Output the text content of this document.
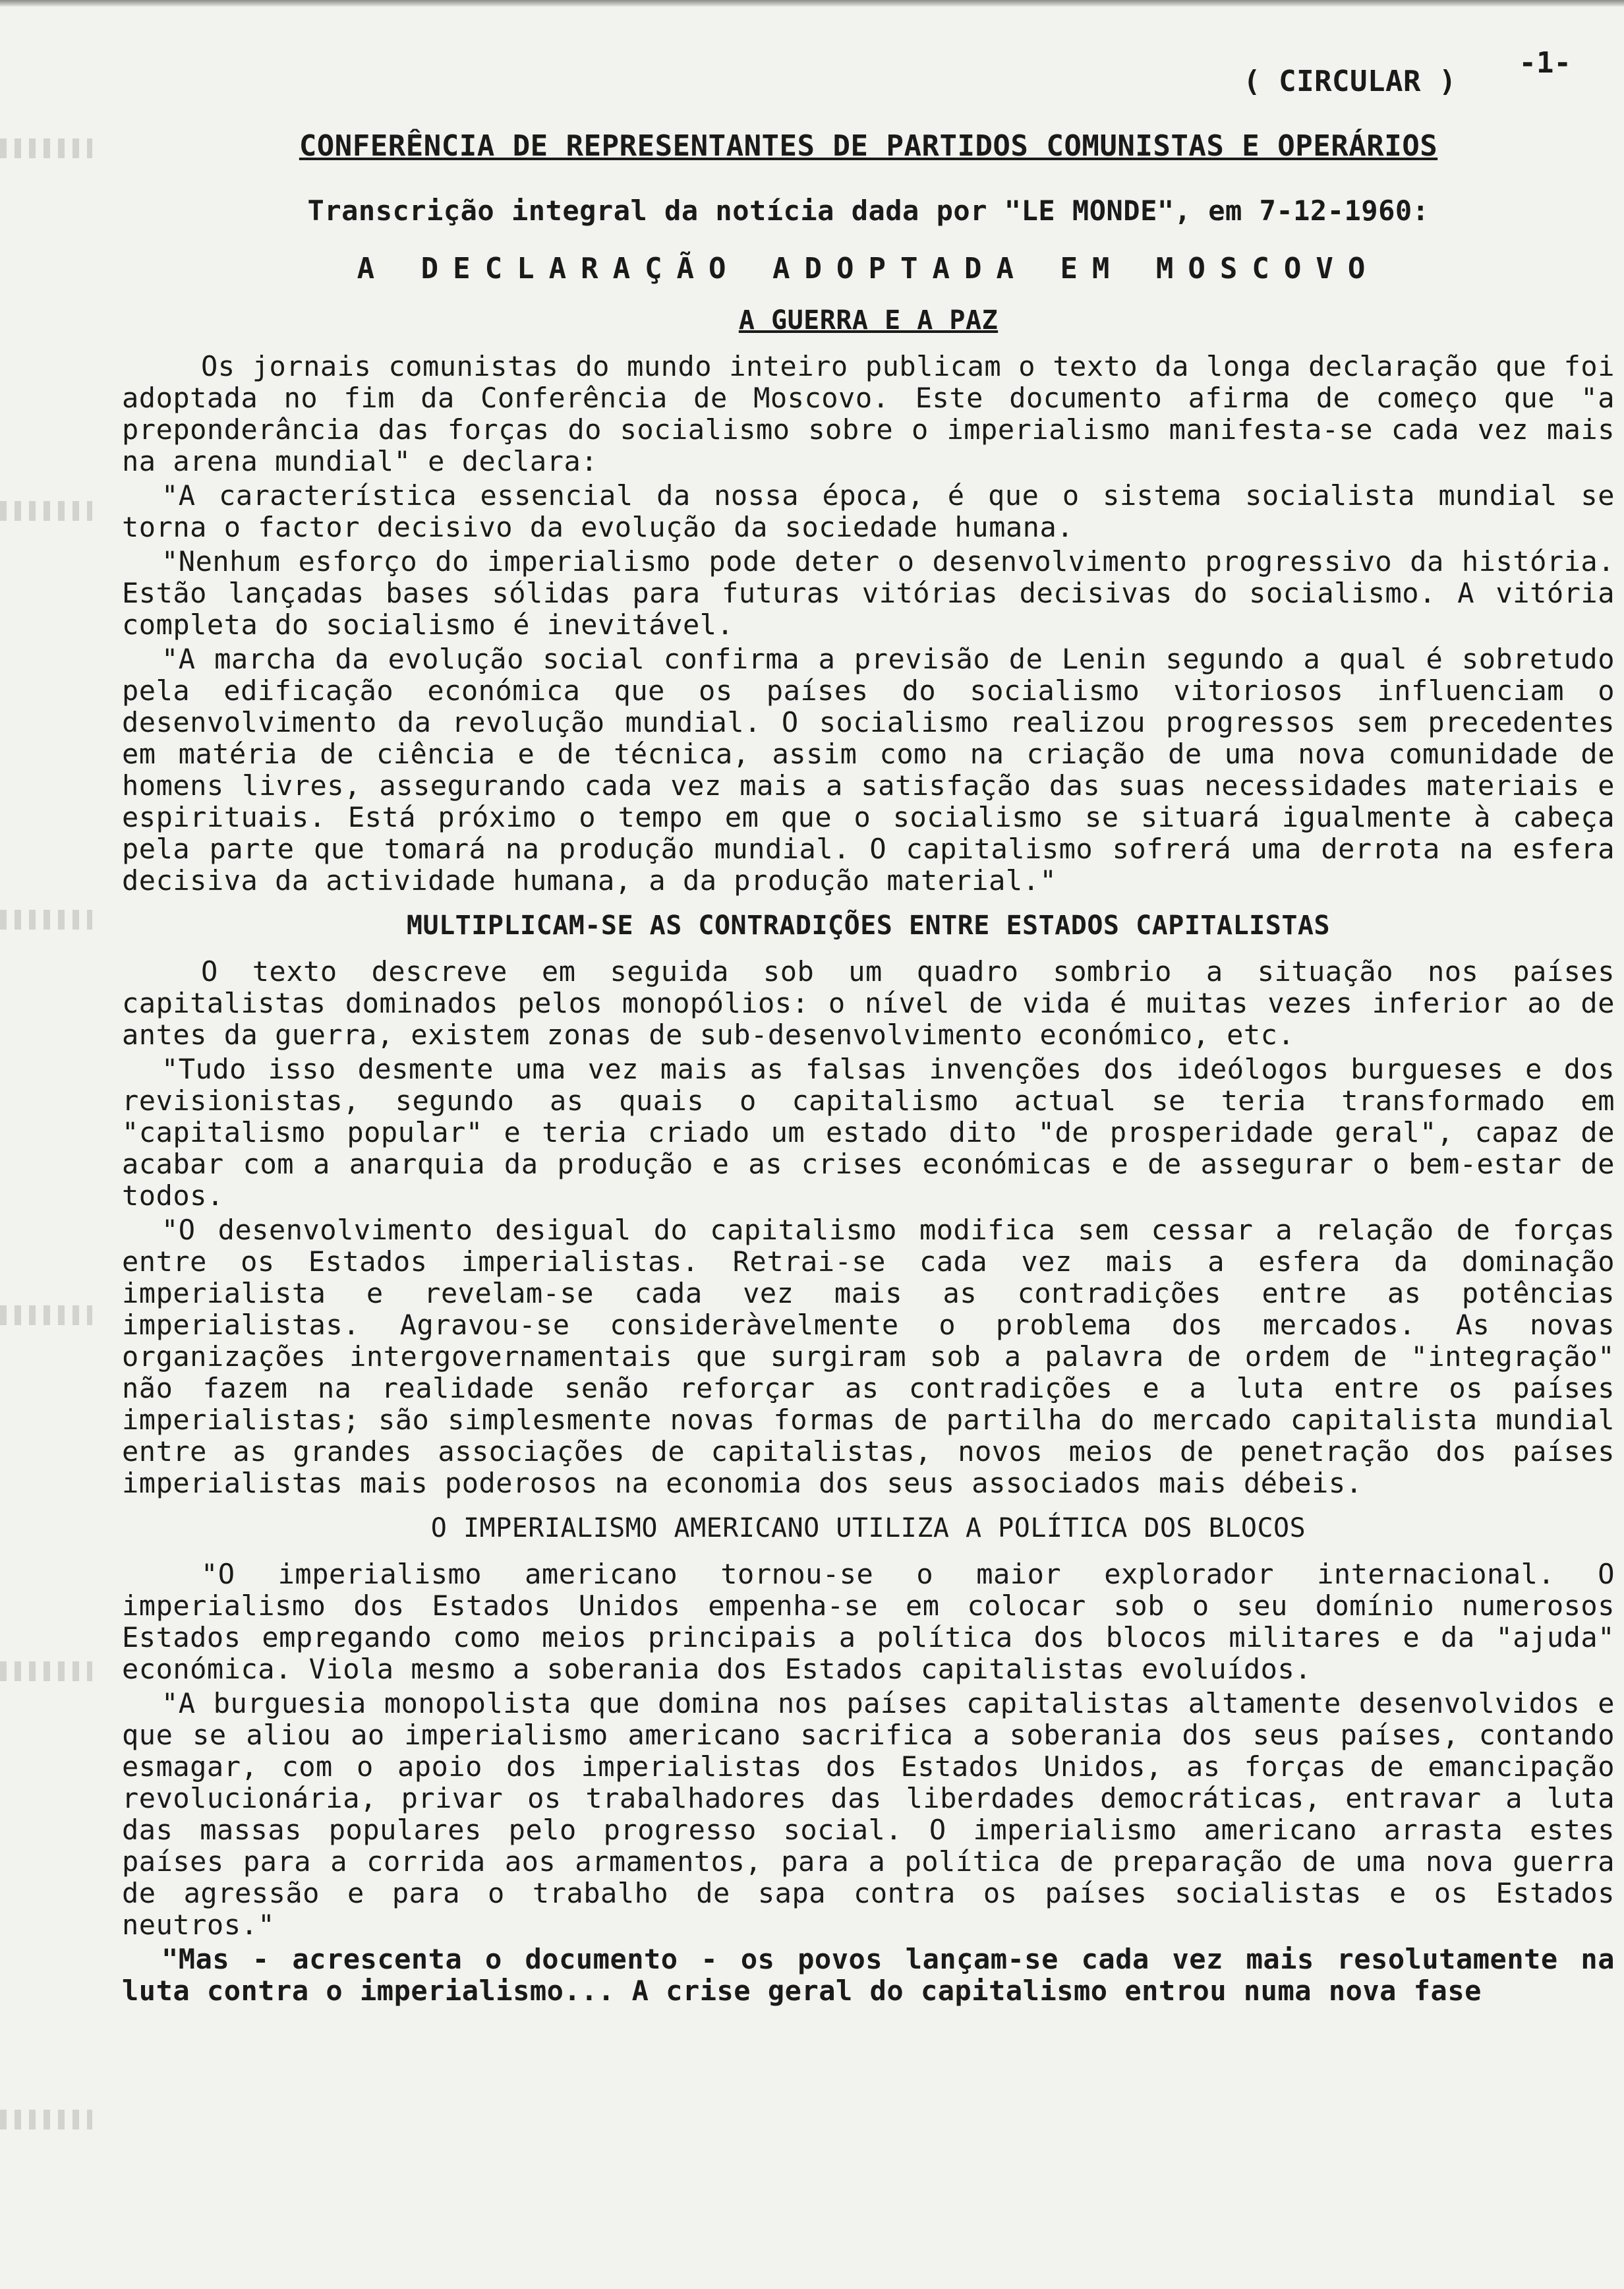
-1-
( CIRCULAR )
CONFERÊNCIA DE REPRESENTANTES DE PARTIDOS COMUNISTAS E OPERÁRIOS
Transcrição integral da notícia dada por "LE MONDE", em 7-12-1960:
A DECLARAÇÃO ADOPTADA EM MOSCOVO
A GUERRA E A PAZ

Os jornais comunistas do mundo inteiro publicam o texto da longa declaração que foi adoptada no fim da Conferência de Moscovo. Este documento afirma de começo que "a preponderância das forças do socialismo sobre o imperialismo manifesta-se cada vez mais na arena mundial" e declara:

"A característica essencial da nossa época, é que o sistema socialista mundial se torna o factor decisivo da evolução da sociedade humana.

"Nenhum esforço do imperialismo pode deter o desenvolvimento progressivo da história. Estão lançadas bases sólidas para futuras vitórias decisivas do socialismo. A vitória completa do socialismo é inevitável.

"A marcha da evolução social confirma a previsão de Lenin segundo a qual é sobretudo pela edificação económica que os países do socialismo vitoriosos influenciam o desenvolvimento da revolução mundial. O socialismo realizou progressos sem precedentes em matéria de ciência e de técnica, assim como na criação de uma nova comunidade de homens livres, assegurando cada vez mais a satisfação das suas necessidades materiais e espirituais. Está próximo o tempo em que o socialismo se situará igualmente à cabeça pela parte que tomará na produção mundial. O capitalismo sofrerá uma derrota na esfera decisiva da actividade humana, a da produção material."

MULTIPLICAM-SE AS CONTRADIÇÕES ENTRE ESTADOS CAPITALISTAS

O texto descreve em seguida sob um quadro sombrio a situação nos países capitalistas dominados pelos monopólios: o nível de vida é muitas vezes inferior ao de antes da guerra, existem zonas de sub-desenvolvimento económico, etc.

"Tudo isso desmente uma vez mais as falsas invenções dos ideólogos burgueses e dos revisionistas, segundo as quais o capitalismo actual se teria transformado em "capitalismo popular" e teria criado um estado dito "de prosperidade geral", capaz de acabar com a anarquia da produção e as crises económicas e de assegurar o bem-estar de todos.

"O desenvolvimento desigual do capitalismo modifica sem cessar a relação de forças entre os Estados imperialistas. Retrai-se cada vez mais a esfera da dominação imperialista e revelam-se cada vez mais as contradições entre as potências imperialistas. Agravou-se consideràvelmente o problema dos mercados. As novas organizações intergovernamentais que surgiram sob a palavra de ordem de "integração" não fazem na realidade senão reforçar as contradições e a luta entre os países imperialistas; são simplesmente novas formas de partilha do mercado capitalista mundial entre as grandes associações de capitalistas, novos meios de penetração dos países imperialistas mais poderosos na economia dos seus associados mais débeis.

O IMPERIALISMO AMERICANO UTILIZA A POLÍTICA DOS BLOCOS

"O imperialismo americano tornou-se o maior explorador internacional. O imperialismo dos Estados Unidos empenha-se em colocar sob o seu domínio numerosos Estados empregando como meios principais a política dos blocos militares e da "ajuda" económica. Viola mesmo a soberania dos Estados capitalistas evoluídos.

"A burguesia monopolista que domina nos países capitalistas altamente desenvolvidos e que se aliou ao imperialismo americano sacrifica a soberania dos seus países, contando esmagar, com o apoio dos imperialistas dos Estados Unidos, as forças de emancipação revolucionária, privar os trabalhadores das liberdades democráticas, entravar a luta das massas populares pelo progresso social. O imperialismo americano arrasta estes países para a corrida aos armamentos, para a política de preparação de uma nova guerra de agressão e para o trabalho de sapa contra os países socialistas e os Estados neutros."

"Mas - acrescenta o documento - os povos lançam-se cada vez mais resolutamente na luta contra o imperialismo... A crise geral do capitalismo entrou numa nova fase
